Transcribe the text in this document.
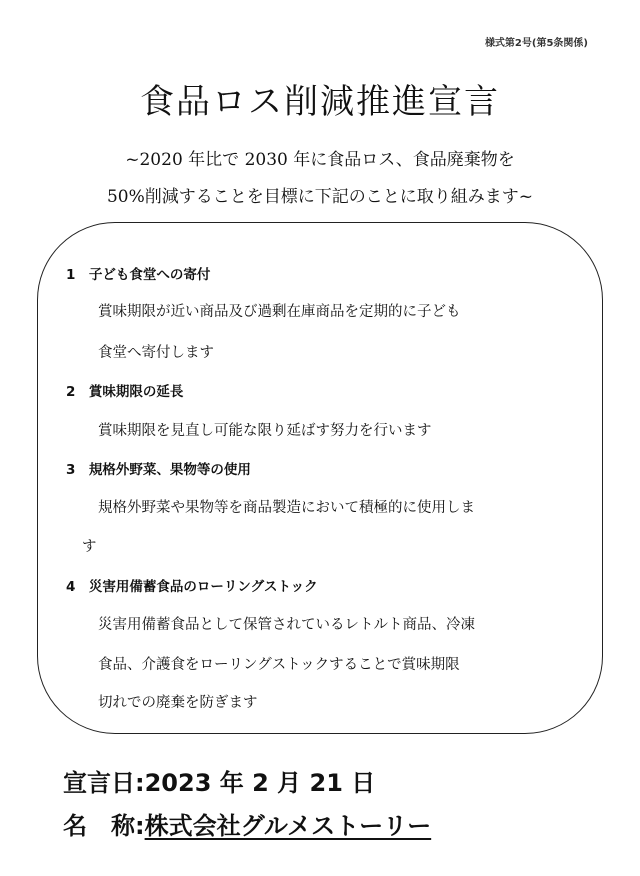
様式第2号(第5条関係)
食品ロス削減推進宣言
~2020 年比で 2030 年に食品ロス、食品廃棄物を
50%削減することを目標に下記のことに取り組みます~
1　子ども食堂への寄付
賞味期限が近い商品及び過剰在庫商品を定期的に子ども
食堂へ寄付します
2　賞味期限の延長
賞味期限を見直し可能な限り延ばす努力を行います
3　規格外野菜、果物等の使用
規格外野菜や果物等を商品製造において積極的に使用しま
す
4　災害用備蓄食品のローリングストック
災害用備蓄食品として保管されているレトルト商品、冷凍
食品、介護食をローリングストックすることで賞味期限
切れでの廃棄を防ぎます
宣言日:2023 年 2 月 21 日
名　称:株式会社グルメストーリー
